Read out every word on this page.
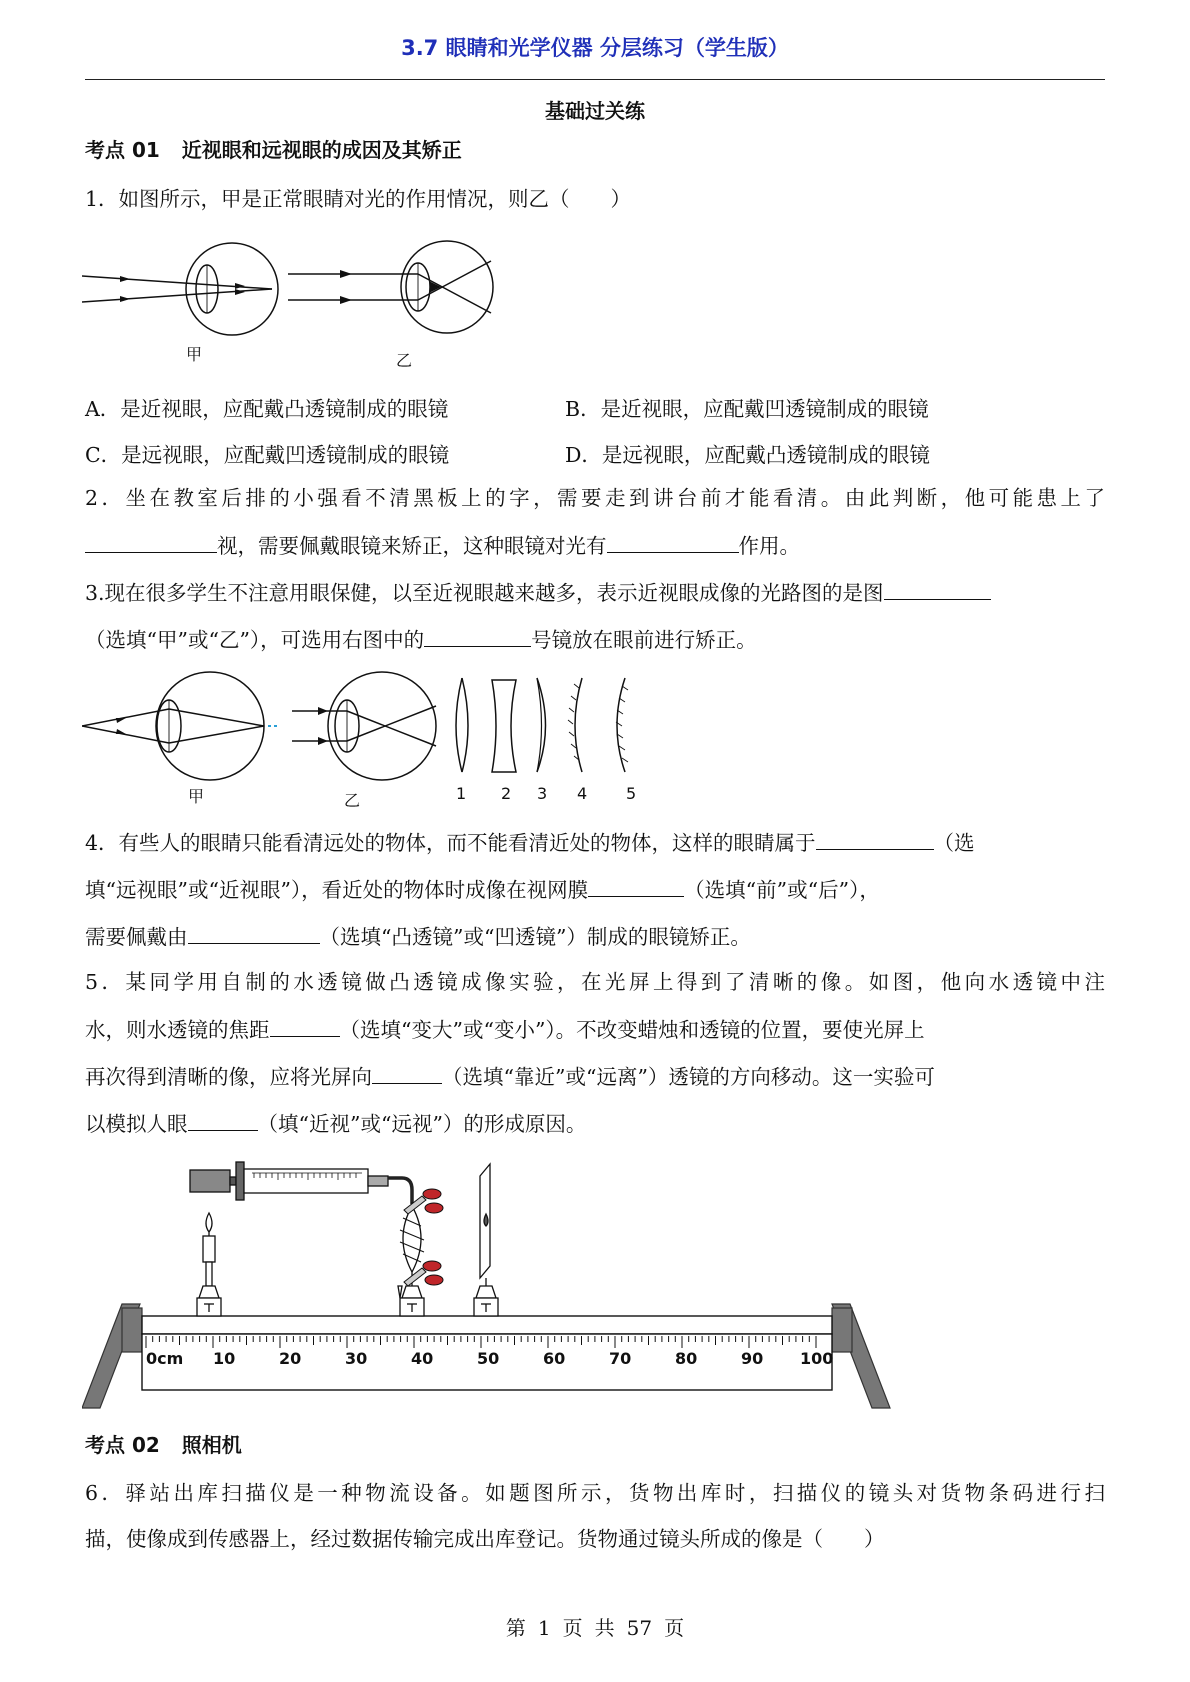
3.7 眼睛和光学仪器 分层练习（学生版）
基础过关练
考点 01 近视眼和远视眼的成因及其矫正
1．如图所示，甲是正常眼睛对光的作用情况，则乙（　　）
甲	乙
A．是近视眼，应配戴凸透镜制成的眼镜	B．是近视眼，应配戴凹透镜制成的眼镜
C．是远视眼，应配戴凹透镜制成的眼镜	D．是远视眼，应配戴凸透镜制成的眼镜
2．坐在教室后排的小强看不清黑板上的字，需要走到讲台前才能看清。由此判断，他可能患上了
视，需要佩戴眼镜来矫正，这种眼镜对光有	作用。
3.现在很多学生不注意用眼保健，以至近视眼越来越多，表示近视眼成像的光路图的是图
（选填“甲”或“乙”），可选用右图中的	号镜放在眼前进行矫正。
甲	乙	1 2 3 4 5
4．有些人的眼睛只能看清远处的物体，而不能看清近处的物体，这样的眼睛属于	（选
填“远视眼”或“近视眼”），看近处的物体时成像在视网膜	（选填“前”或“后”），
需要佩戴由	（选填“凸透镜”或“凹透镜”）制成的眼镜矫正。
5．某同学用自制的水透镜做凸透镜成像实验，在光屏上得到了清晰的像。如图，他向水透镜中注
水，则水透镜的焦距	（选填“变大”或“变小”）。不改变蜡烛和透镜的位置，要使光屏上
再次得到清晰的像，应将光屏向	（选填“靠近”或“远离”）透镜的方向移动。这一实验可
以模拟人眼	（填“近视”或“远视”）的形成原因。
0cm 10	20	30	40	50	60	70	80	90 100
考点 02 照相机
6．驿站出库扫描仪是一种物流设备。如题图所示，货物出库时，扫描仪的镜头对货物条码进行扫
描，使像成到传感器上，经过数据传输完成出库登记。货物通过镜头所成的像是（　　）
第 1 页 共 57 页
